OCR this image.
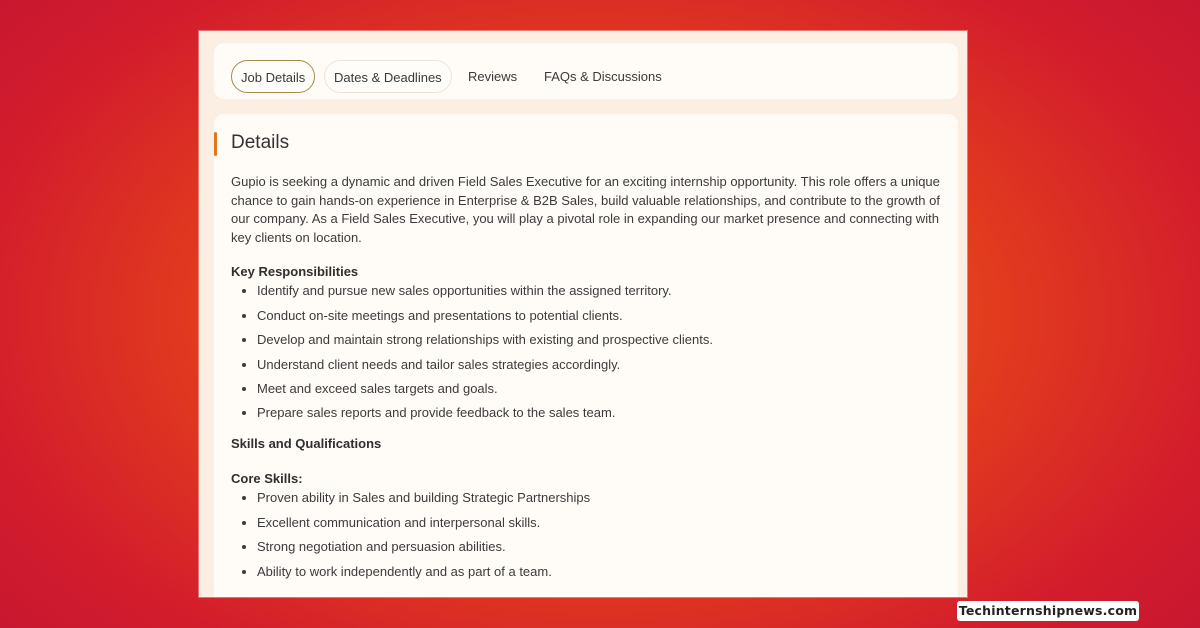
Job Details	Dates & Deadlines	Reviews FAQs & Discussions
Details

Gupio is seeking a dynamic and driven Field Sales Executive for an exciting internship opportunity. This role offers a unique chance to gain hands-on experience in Enterprise & B2B Sales, build valuable relationships, and contribute to the growth of our company. As a Field Sales Executive, you will play a pivotal role in expanding our market presence and connecting with key clients on location.

Key Responsibilities

• Identify and pursue new sales opportunities within the assigned territory.
• Conduct on-site meetings and presentations to potential clients.
• Develop and maintain strong relationships with existing and prospective clients.
• Understand client needs and tailor sales strategies accordingly.
• Meet and exceed sales targets and goals.
• Prepare sales reports and provide feedback to the sales team.

Skills and Qualifications

Core Skills:

• Proven ability in Sales and building Strategic Partnerships
• Excellent communication and interpersonal skills.
• Strong negotiation and persuasion abilities.
• Ability to work independently and as part of a team.
Techinternshipnews.com
